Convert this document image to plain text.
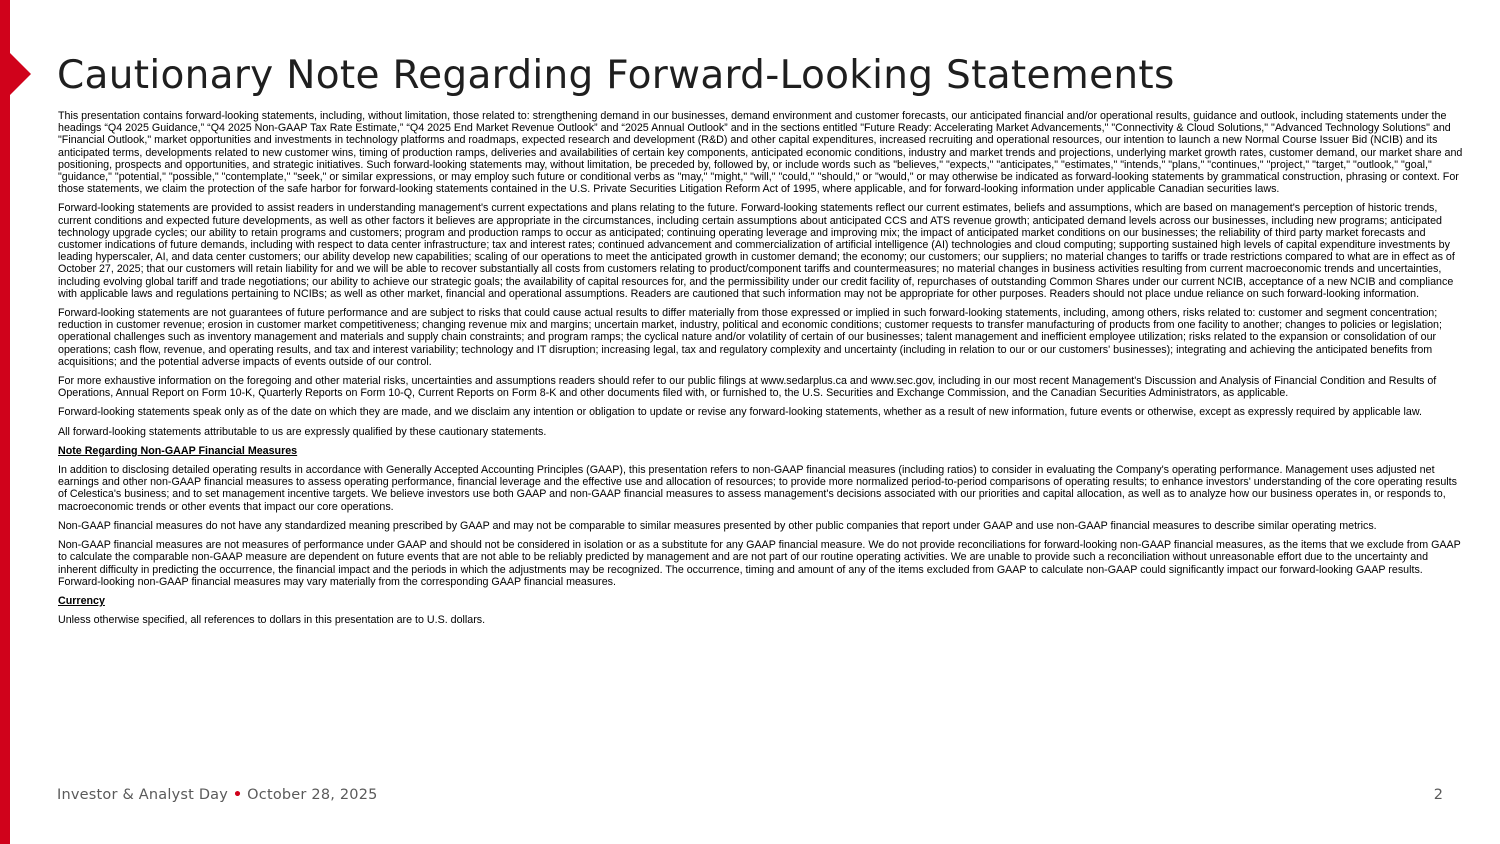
Cautionary Note Regarding Forward-Looking Statements

This presentation contains forward-looking statements, including, without limitation, those related to: strengthening demand in our businesses, demand environment and customer forecasts, our anticipated financial and/or operational results, guidance and outlook, including statements under the headings “Q4 2025 Guidance,” “Q4 2025 Non-GAAP Tax Rate Estimate,” “Q4 2025 End Market Revenue Outlook” and “2025 Annual Outlook” and in the sections entitled "Future Ready: Accelerating Market Advancements," "Connectivity & Cloud Solutions," "Advanced Technology Solutions" and "Financial Outlook," market opportunities and investments in technology platforms and roadmaps, expected research and development (R&D) and other capital expenditures, increased recruiting and operational resources, our intention to launch a new Normal Course Issuer Bid (NCIB) and its anticipated terms, developments related to new customer wins, timing of production ramps, deliveries and availabilities of certain key components, anticipated economic conditions, industry and market trends and projections, underlying market growth rates, customer demand, our market share and positioning, prospects and opportunities, and strategic initiatives. Such forward-looking statements may, without limitation, be preceded by, followed by, or include words such as "believes," "expects," "anticipates," "estimates," "intends," "plans," "continues," "project," "target," "outlook," "goal," "guidance," "potential," "possible," "contemplate," "seek," or similar expressions, or may employ such future or conditional verbs as "may," "might," "will," "could," "should," or "would," or may otherwise be indicated as forward-looking statements by grammatical construction, phrasing or context. For those statements, we claim the protection of the safe harbor for forward-looking statements contained in the U.S. Private Securities Litigation Reform Act of 1995, where applicable, and for forward-looking information under applicable Canadian securities laws.

Forward-looking statements are provided to assist readers in understanding management's current expectations and plans relating to the future. Forward-looking statements reflect our current estimates, beliefs and assumptions, which are based on management's perception of historic trends, current conditions and expected future developments, as well as other factors it believes are appropriate in the circumstances, including certain assumptions about anticipated CCS and ATS revenue growth; anticipated demand levels across our businesses, including new programs; anticipated technology upgrade cycles; our ability to retain programs and customers; program and production ramps to occur as anticipated; continuing operating leverage and improving mix; the impact of anticipated market conditions on our businesses; the reliability of third party market forecasts and customer indications of future demands, including with respect to data center infrastructure; tax and interest rates; continued advancement and commercialization of artificial intelligence (AI) technologies and cloud computing; supporting sustained high levels of capital expenditure investments by leading hyperscaler, AI, and data center customers; our ability develop new capabilities; scaling of our operations to meet the anticipated growth in customer demand; the economy; our customers; our suppliers; no material changes to tariffs or trade restrictions compared to what are in effect as of October 27, 2025; that our customers will retain liability for and we will be able to recover substantially all costs from customers relating to product/component tariffs and countermeasures; no material changes in business activities resulting from current macroeconomic trends and uncertainties, including evolving global tariff and trade negotiations; our ability to achieve our strategic goals; the availability of capital resources for, and the permissibility under our credit facility of, repurchases of outstanding Common Shares under our current NCIB, acceptance of a new NCIB and compliance with applicable laws and regulations pertaining to NCIBs; as well as other market, financial and operational assumptions. Readers are cautioned that such information may not be appropriate for other purposes. Readers should not place undue reliance on such forward-looking information.

Forward-looking statements are not guarantees of future performance and are subject to risks that could cause actual results to differ materially from those expressed or implied in such forward-looking statements, including, among others, risks related to: customer and segment concentration; reduction in customer revenue; erosion in customer market competitiveness; changing revenue mix and margins; uncertain market, industry, political and economic conditions; customer requests to transfer manufacturing of products from one facility to another; changes to policies or legislation; operational challenges such as inventory management and materials and supply chain constraints; and program ramps; the cyclical nature and/or volatility of certain of our businesses; talent management and inefficient employee utilization; risks related to the expansion or consolidation of our operations; cash flow, revenue, and operating results, and tax and interest variability; technology and IT disruption; increasing legal, tax and regulatory complexity and uncertainty (including in relation to our or our customers' businesses); integrating and achieving the anticipated benefits from acquisitions; and the potential adverse impacts of events outside of our control.

For more exhaustive information on the foregoing and other material risks, uncertainties and assumptions readers should refer to our public filings at www.sedarplus.ca and www.sec.gov, including in our most recent Management's Discussion and Analysis of Financial Condition and Results of Operations, Annual Report on Form 10-K, Quarterly Reports on Form 10-Q, Current Reports on Form 8-K and other documents filed with, or furnished to, the U.S. Securities and Exchange Commission, and the Canadian Securities Administrators, as applicable.

Forward-looking statements speak only as of the date on which they are made, and we disclaim any intention or obligation to update or revise any forward-looking statements, whether as a result of new information, future events or otherwise, except as expressly required by applicable law.

All forward-looking statements attributable to us are expressly qualified by these cautionary statements.

Note Regarding Non-GAAP Financial Measures

In addition to disclosing detailed operating results in accordance with Generally Accepted Accounting Principles (GAAP), this presentation refers to non-GAAP financial measures (including ratios) to consider in evaluating the Company's operating performance. Management uses adjusted net earnings and other non-GAAP financial measures to assess operating performance, financial leverage and the effective use and allocation of resources; to provide more normalized period-to-period comparisons of operating results; to enhance investors' understanding of the core operating results of Celestica's business; and to set management incentive targets. We believe investors use both GAAP and non-GAAP financial measures to assess management's decisions associated with our priorities and capital allocation, as well as to analyze how our business operates in, or responds to, macroeconomic trends or other events that impact our core operations.

Non-GAAP financial measures do not have any standardized meaning prescribed by GAAP and may not be comparable to similar measures presented by other public companies that report under GAAP and use non-GAAP financial measures to describe similar operating metrics.

Non-GAAP financial measures are not measures of performance under GAAP and should not be considered in isolation or as a substitute for any GAAP financial measure. We do not provide reconciliations for forward-looking non-GAAP financial measures, as the items that we exclude from GAAP to calculate the comparable non-GAAP measure are dependent on future events that are not able to be reliably predicted by management and are not part of our routine operating activities. We are unable to provide such a reconciliation without unreasonable effort due to the uncertainty and inherent difficulty in predicting the occurrence, the financial impact and the periods in which the adjustments may be recognized. The occurrence, timing and amount of any of the items excluded from GAAP to calculate non-GAAP could significantly impact our forward-looking GAAP results. Forward-looking non-GAAP financial measures may vary materially from the corresponding GAAP financial measures.

Currency

Unless otherwise specified, all references to dollars in this presentation are to U.S. dollars.

Investor & Analyst Day • October 28, 2025	2
